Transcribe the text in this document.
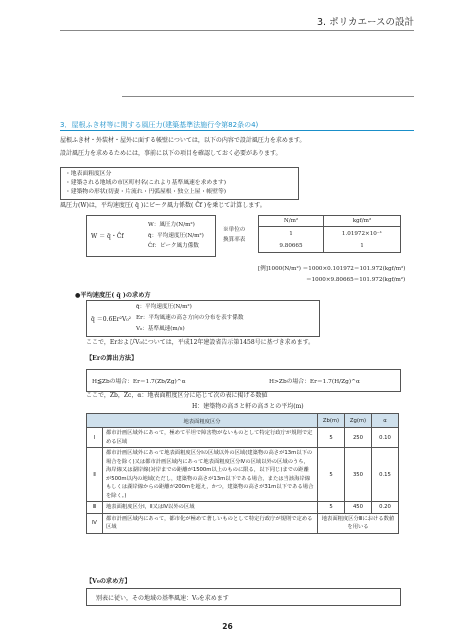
3. ポリカエースの設計
3．屋根ふき材等に関する風圧力(建築基準法施行令第82条の4)
屋根ふき材・外装材・屋外に面する帳壁については，以下の内容で設計風圧力を求めます。
設計風圧力を求めるためには，事前に以下の項目を確認しておく必要があります。
・地表面粗度区分
・建築される地域の市区町村名(これより基準風速を求めます)
・建築物の形状(切妻・片流れ・円弧屋根・独立上屋・帳壁等)
風圧力(W)は，平均速度圧( q̄ )にピーク風力係数( Ĉf )を乗じて計算します。
W ＝ q̄・Ĉf
W：風圧力(N/m²)
q̄：平均速度圧(N/m²)
Ĉf：ピーク風力係数
※単位の
換算率表
N/m²	kgf/m²
1	1.01972×10⁻¹
9.80665	1
[例]1000(N/m²) ＝1000×0.101972＝101.972(kgf/m²)
＝1000×9.80665＝101.972(kgf/m²)
●平均速度圧( q̄ )の求め方
q̄ ＝0.6Er²V₀²
q̄：平均速度圧(N/m²)
Er：平均風速の高さ方向の分布を表す係数
V₀：基準風速(m/s)
ここで，ErおよびV₀については，平成12年建設省告示第1458号に基づき求めます。
【Erの算出方法】
H≦Zbの場合：Er＝1.7(Zb/Zg)^α	H>Zbの場合：Er＝1.7(H/Zg)^α
ここで，Zb，Zc，α：地表面粗度区分に応じて次の表に掲げる数値
H：建築物の高さと軒の高さとの平均(m)
地表面粗度区分		Zb(m)	Zg(m)	α
Ⅰ	都市計画区域外にあって，極めて平坦で障害物がないものとして特定行政庁が規則で定める区域	5	250	0.10
Ⅱ	都市計画区域外にあって地表面粗度区分Ⅰの区域以外の区域(建築物の高さが13m以下の場合を除く)又は都市計画区域内にあって地表面粗度区分Ⅳの区域以外の区域のうち，海岸線又は湖岸線(対岸までの距離が1500m以上のものに限る，以下同じ)までの距離が500m以内の地域(ただし，建築物の高さが13m以下である場合，または当該海岸線もしくは湖岸線からの距離が200mを超え，かつ，建築物の高さが31m以下である場合を除く。)	5	350	0.15
Ⅲ	地表面粗度区分Ⅰ，Ⅱ又はⅣ以外の区域	5	450	0.20
Ⅳ	都市計画区域内にあって，都市化が極めて著しいものとして特定行政庁が規則で定める区域	地表面粗度区分Ⅲにおける数値を用いる		
【V₀の求め方】
別表に従い，その地域の基準風速：V₀を求めます
26
